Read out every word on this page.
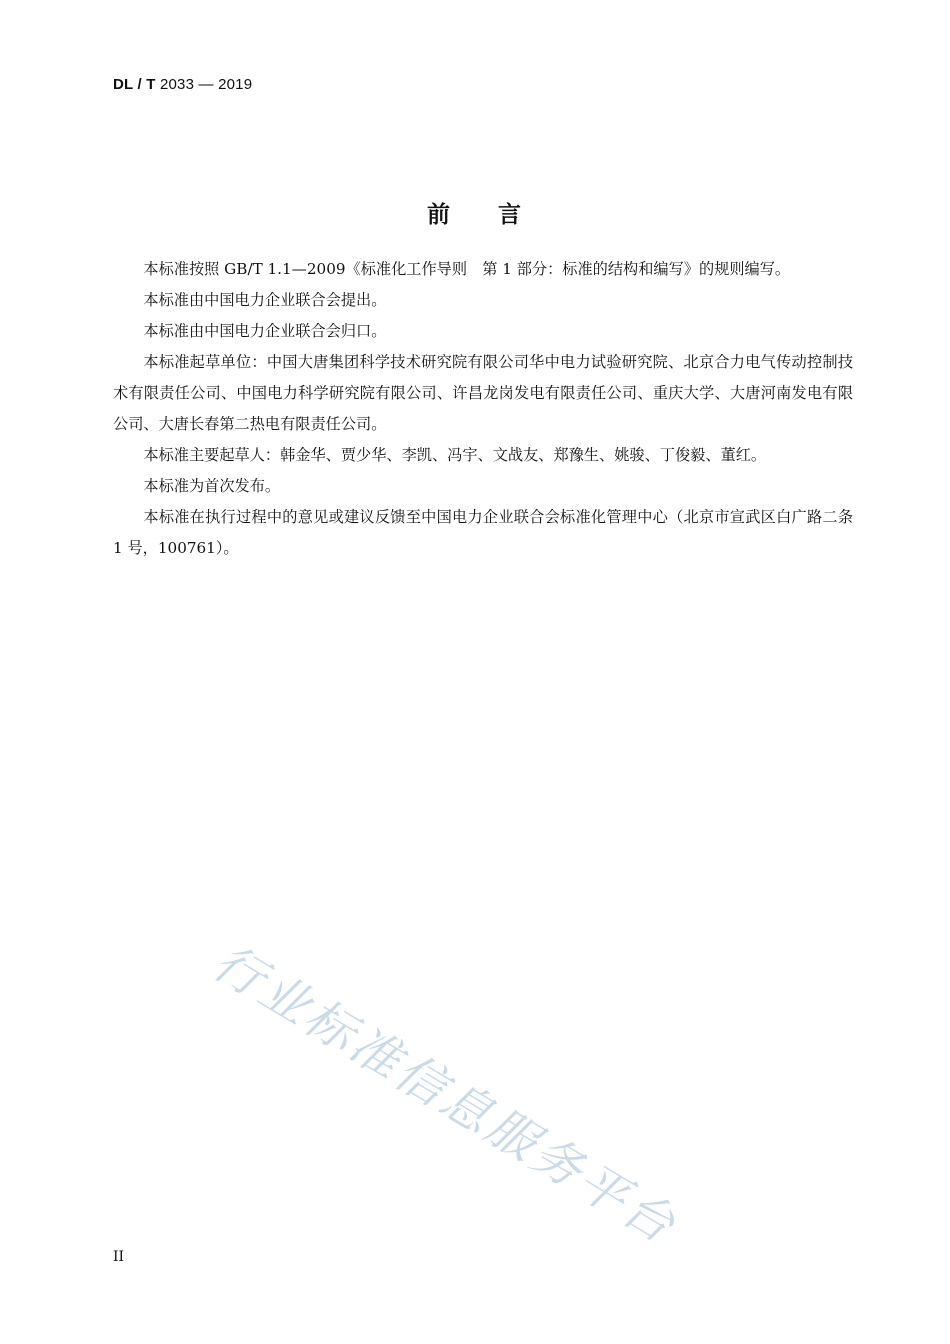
DL / T 2033 — 2019
前 言

本标准按照 GB/T 1.1—2009《标准化工作导则　第 1 部分：标准的结构和编写》的规则编写。

本标准由中国电力企业联合会提出。

本标准由中国电力企业联合会归口。

本标准起草单位：中国大唐集团科学技术研究院有限公司华中电力试验研究院、北京合力电气传动控制技术有限责任公司、中国电力科学研究院有限公司、许昌龙岗发电有限责任公司、重庆大学、大唐河南发电有限公司、大唐长春第二热电有限责任公司。

本标准主要起草人：韩金华、贾少华、李凯、冯宇、文战友、郑豫生、姚骏、丁俊毅、董红。

本标准为首次发布。

本标准在执行过程中的意见或建议反馈至中国电力企业联合会标准化管理中心（北京市宣武区白广路二条 1 号，100761）。

行业标准信息服务平台
II
